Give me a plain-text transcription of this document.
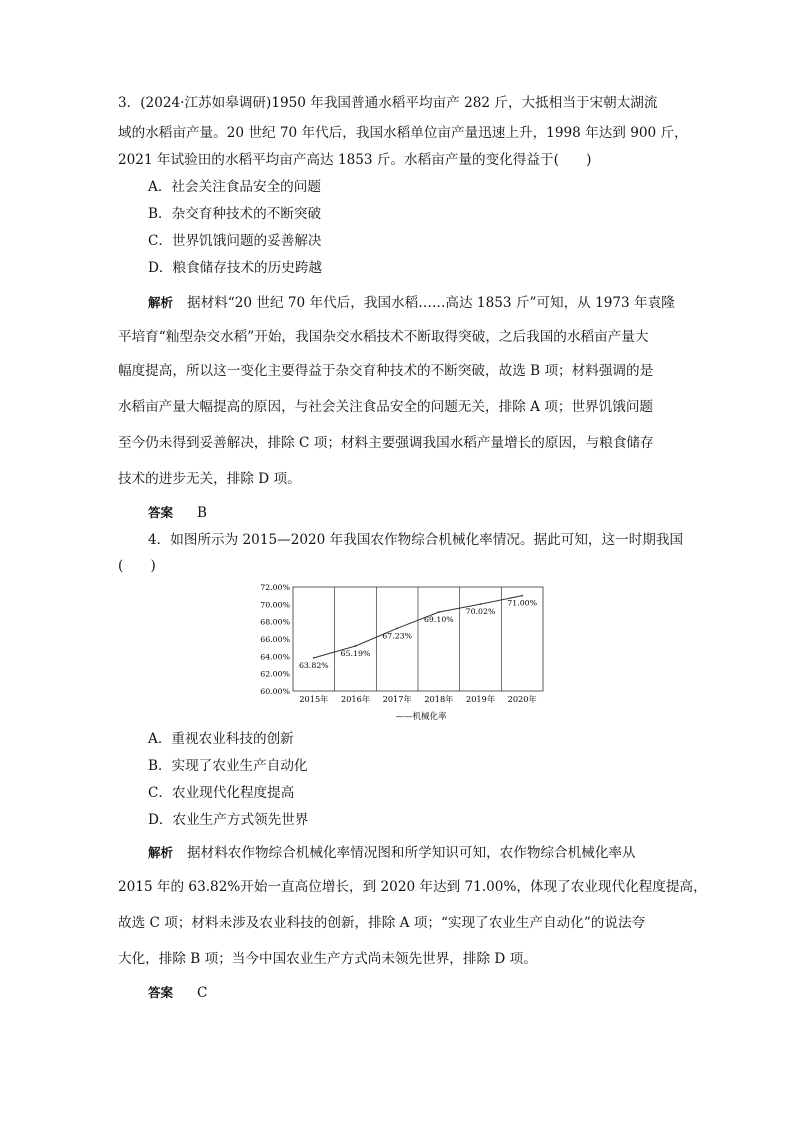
3．(2024·江苏如皋调研)1950 年我国普通水稻平均亩产 282 斤，大抵相当于宋朝太湖流
域的水稻亩产量。20 世纪 70 年代后，我国水稻单位亩产量迅速上升，1998 年达到 900 斤，
2021 年试验田的水稻平均亩产高达 1853 斤。水稻亩产量的变化得益于(　　)
A．社会关注食品安全的问题
B．杂交育种技术的不断突破
C．世界饥饿问题的妥善解决
D．粮食储存技术的历史跨越
解析 据材料“20 世纪 70 年代后，我国水稻……高达 1853 斤”可知，从 1973 年袁隆
平培育“籼型杂交水稻”开始，我国杂交水稻技术不断取得突破，之后我国的水稻亩产量大
幅度提高，所以这一变化主要得益于杂交育种技术的不断突破，故选 B 项；材料强调的是
水稻亩产量大幅提高的原因，与社会关注食品安全的问题无关，排除 A 项；世界饥饿问题
至今仍未得到妥善解决，排除 C 项；材料主要强调我国水稻产量增长的原因，与粮食储存
技术的进步无关，排除 D 项。
答案 B
4．如图所示为 2015—2020 年我国农作物综合机械化率情况。据此可知，这一时期我国
(　　)
60.00%
62.00%
64.00%
66.00%
68.00%
70.00%
72.00%
2015年 2016年 2017年 2018年 2019年 2020年
63.82%
65.19%
67.23%
69.10%
70.02%
71.00%
——机械化率
A．重视农业科技的创新
B．实现了农业生产自动化
C．农业现代化程度提高
D．农业生产方式领先世界
解析 据材料农作物综合机械化率情况图和所学知识可知，农作物综合机械化率从
2015 年的 63.82%开始一直高位增长，到 2020 年达到 71.00%，体现了农业现代化程度提高，
故选 C 项；材料未涉及农业科技的创新，排除 A 项；“实现了农业生产自动化”的说法夸
大化，排除 B 项；当今中国农业生产方式尚未领先世界，排除 D 项。
答案 C
